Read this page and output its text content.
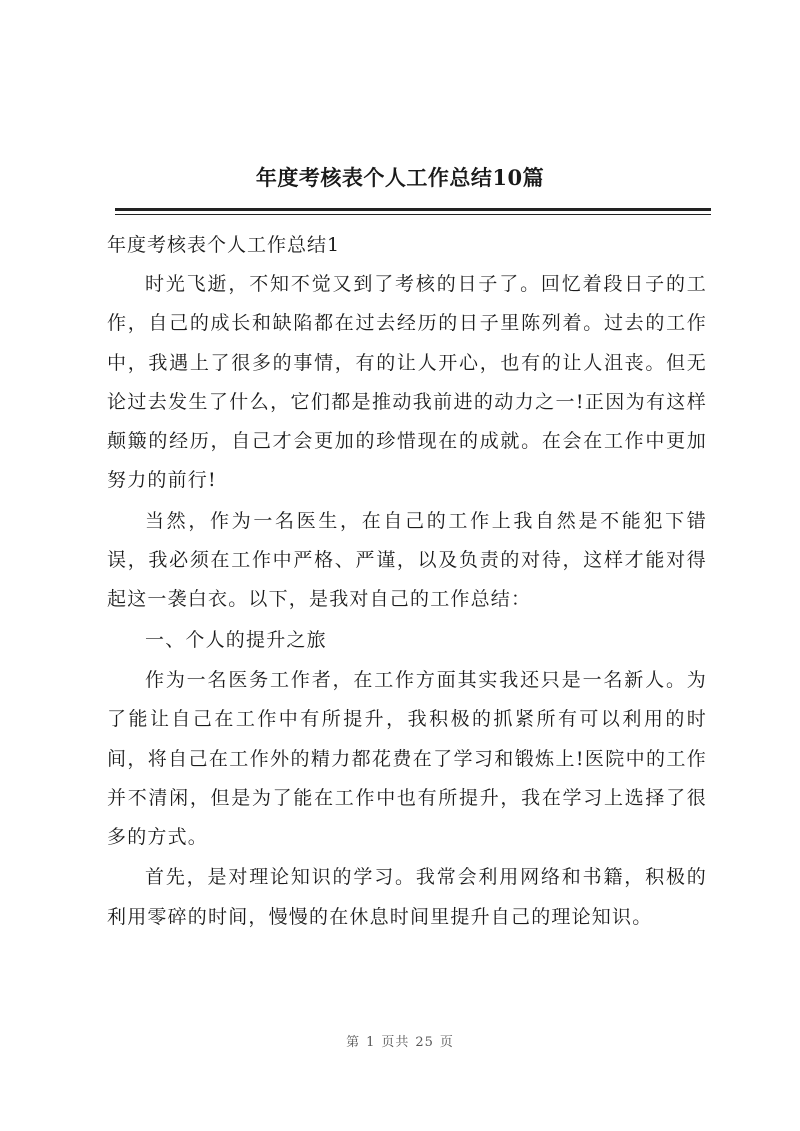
年度考核表个人工作总结10篇
年度考核表个人工作总结1

时光飞逝，不知不觉又到了考核的日子了。回忆着段日子的工作，自己的成长和缺陷都在过去经历的日子里陈列着。过去的工作中，我遇上了很多的事情，有的让人开心，也有的让人沮丧。但无论过去发生了什么，它们都是推动我前进的动力之一!正因为有这样颠簸的经历，自己才会更加的珍惜现在的成就。在会在工作中更加努力的前行!

当然，作为一名医生，在自己的工作上我自然是不能犯下错误，我必须在工作中严格、严谨，以及负责的对待，这样才能对得起这一袭白衣。以下，是我对自己的工作总结：

一、个人的提升之旅

作为一名医务工作者，在工作方面其实我还只是一名新人。为了能让自己在工作中有所提升，我积极的抓紧所有可以利用的时间，将自己在工作外的精力都花费在了学习和锻炼上!医院中的工作并不清闲，但是为了能在工作中也有所提升，我在学习上选择了很多的方式。

首先，是对理论知识的学习。我常会利用网络和书籍，积极的利用零碎的时间，慢慢的在休息时间里提升自己的理论知识。

第 1 页共 25 页
